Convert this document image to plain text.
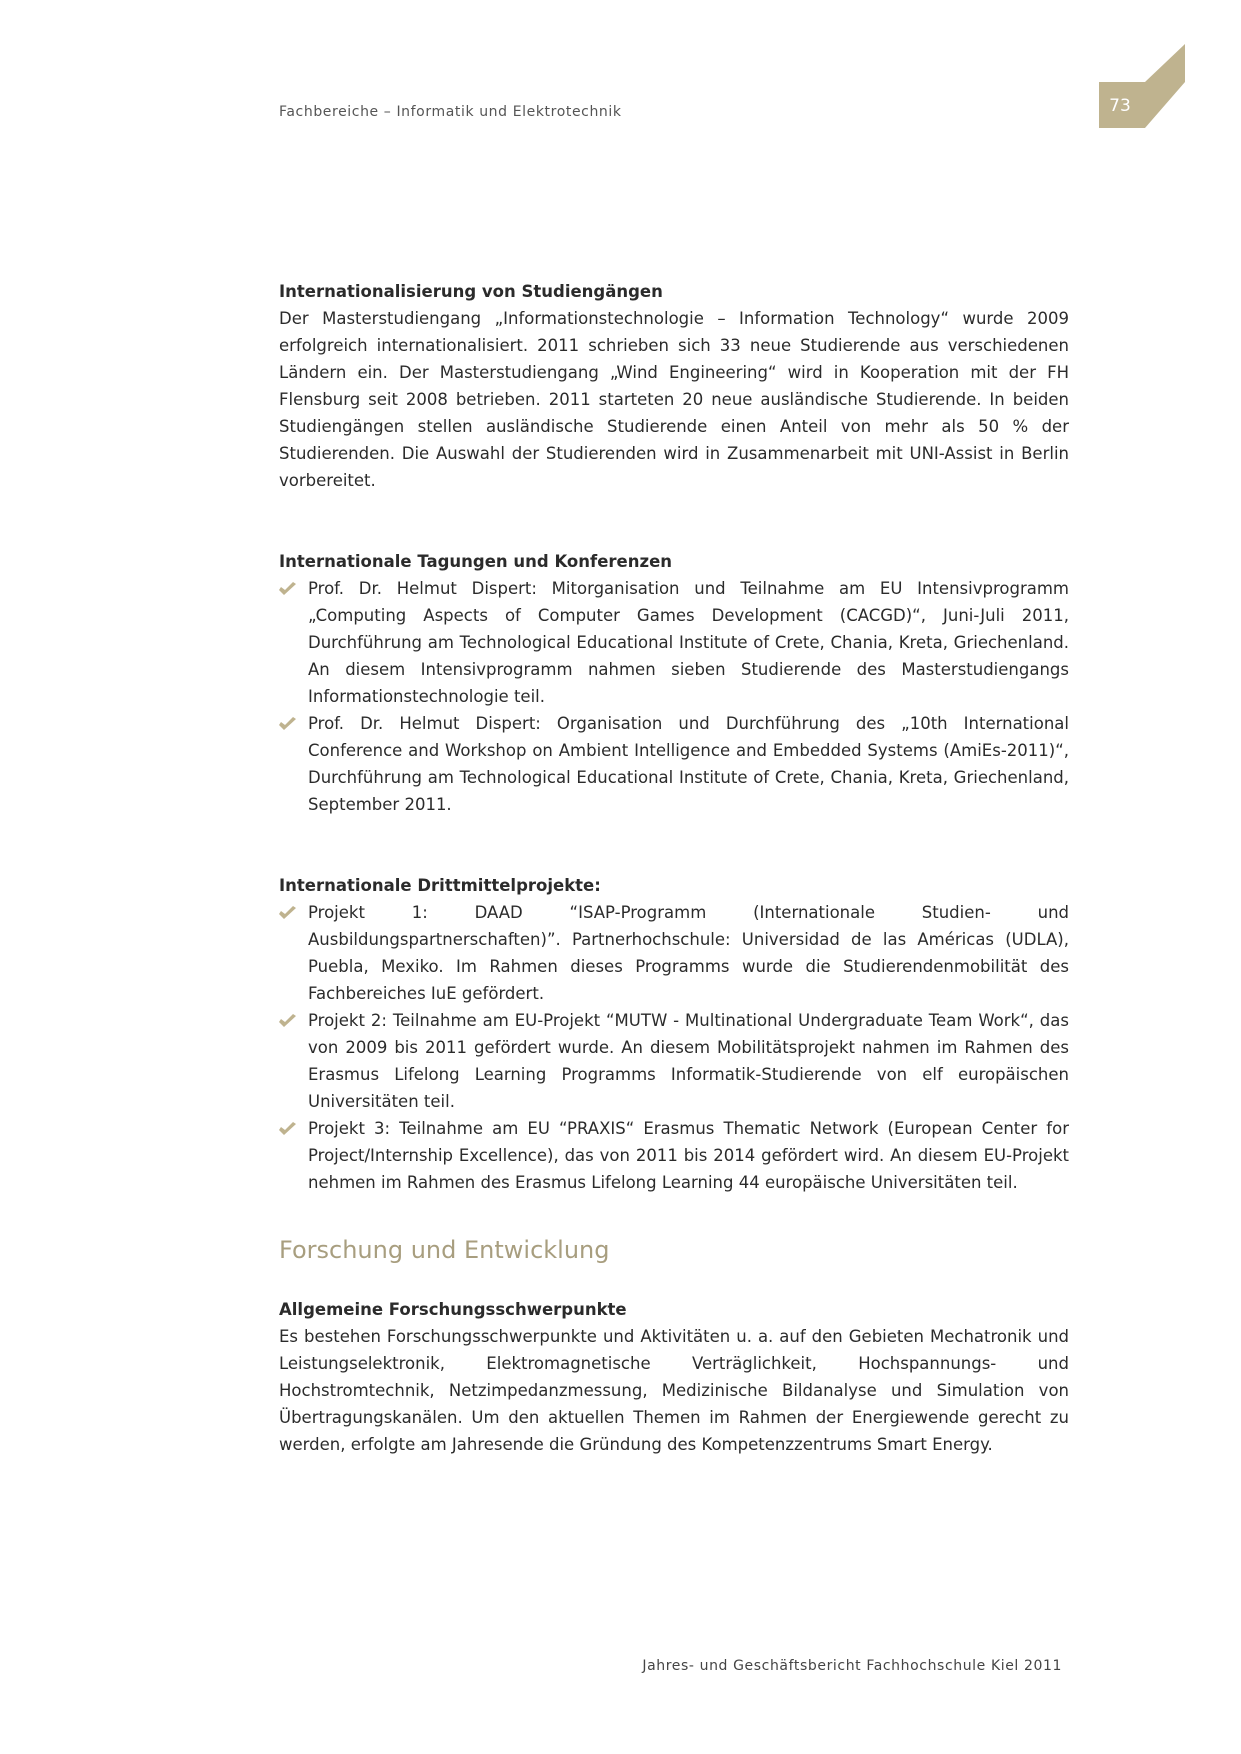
Fachbereiche – Informatik und Elektrotechnik	73

Internationalisierung von Studiengängen

Der Masterstudiengang „Informationstechnologie – Information Technology“ wurde 2009 erfolgreich internationalisiert. 2011 schrieben sich 33 neue Studierende aus verschiedenen Ländern ein. Der Masterstudiengang „Wind Engineering“ wird in Kooperation mit der FH Flensburg seit 2008 betrieben. 2011 starteten 20 neue ausländische Studierende. In beiden Studiengängen stellen ausländische Studierende einen Anteil von mehr als 50 % der Studierenden. Die Auswahl der Studierenden wird in Zusammenarbeit mit UNI-Assist in Berlin vorbereitet.

Internationale Tagungen und Konferenzen

Prof. Dr. Helmut Dispert: Mitorganisation und Teilnahme am EU Intensivprogramm „Computing Aspects of Computer Games Development (CACGD)“, Juni-Juli 2011, Durchführung am Technological Educational Institute of Crete, Chania, Kreta, Griechenland. An diesem Intensivprogramm nahmen sieben Studierende des Masterstudiengangs Informationstechnologie teil.
Prof. Dr. Helmut Dispert: Organisation und Durchführung des „10th International Conference and Workshop on Ambient Intelligence and Embedded Systems (AmiEs-2011)“, Durchführung am Technological Educational Institute of Crete, Chania, Kreta, Griechenland, September 2011.

Internationale Drittmittelprojekte:

Projekt 1: DAAD “ISAP-Programm (Internationale Studien- und Ausbildungspartnerschaften)”. Partnerhochschule: Universidad de las Américas (UDLA), Puebla, Mexiko. Im Rahmen dieses Programms wurde die Studierendenmobilität des Fachbereiches IuE gefördert.
Projekt 2: Teilnahme am EU-Projekt “MUTW - Multinational Undergraduate Team Work“, das von 2009 bis 2011 gefördert wurde. An diesem Mobilitätsprojekt nahmen im Rahmen des Erasmus Lifelong Learning Programms Informatik-Studierende von elf europäischen Universitäten teil.
Projekt 3: Teilnahme am EU “PRAXIS“ Erasmus Thematic Network (European Center for Project/Internship Excellence), das von 2011 bis 2014 gefördert wird. An diesem EU-Projekt nehmen im Rahmen des Erasmus Lifelong Learning 44 europäische Universitäten teil.
Forschung und Entwicklung

Allgemeine Forschungsschwerpunkte

Es bestehen Forschungsschwerpunkte und Aktivitäten u. a. auf den Gebieten Mechatronik und Leistungselektronik, Elektromagnetische Verträglichkeit, Hochspannungs- und Hochstromtechnik, Netzimpedanzmessung, Medizinische Bildanalyse und Simulation von Übertragungskanälen. Um den aktuellen Themen im Rahmen der Energiewende gerecht zu werden, erfolgte am Jahresende die Gründung des Kompetenzzentrums Smart Energy.

Jahres- und Geschäftsbericht Fachhochschule Kiel 2011
